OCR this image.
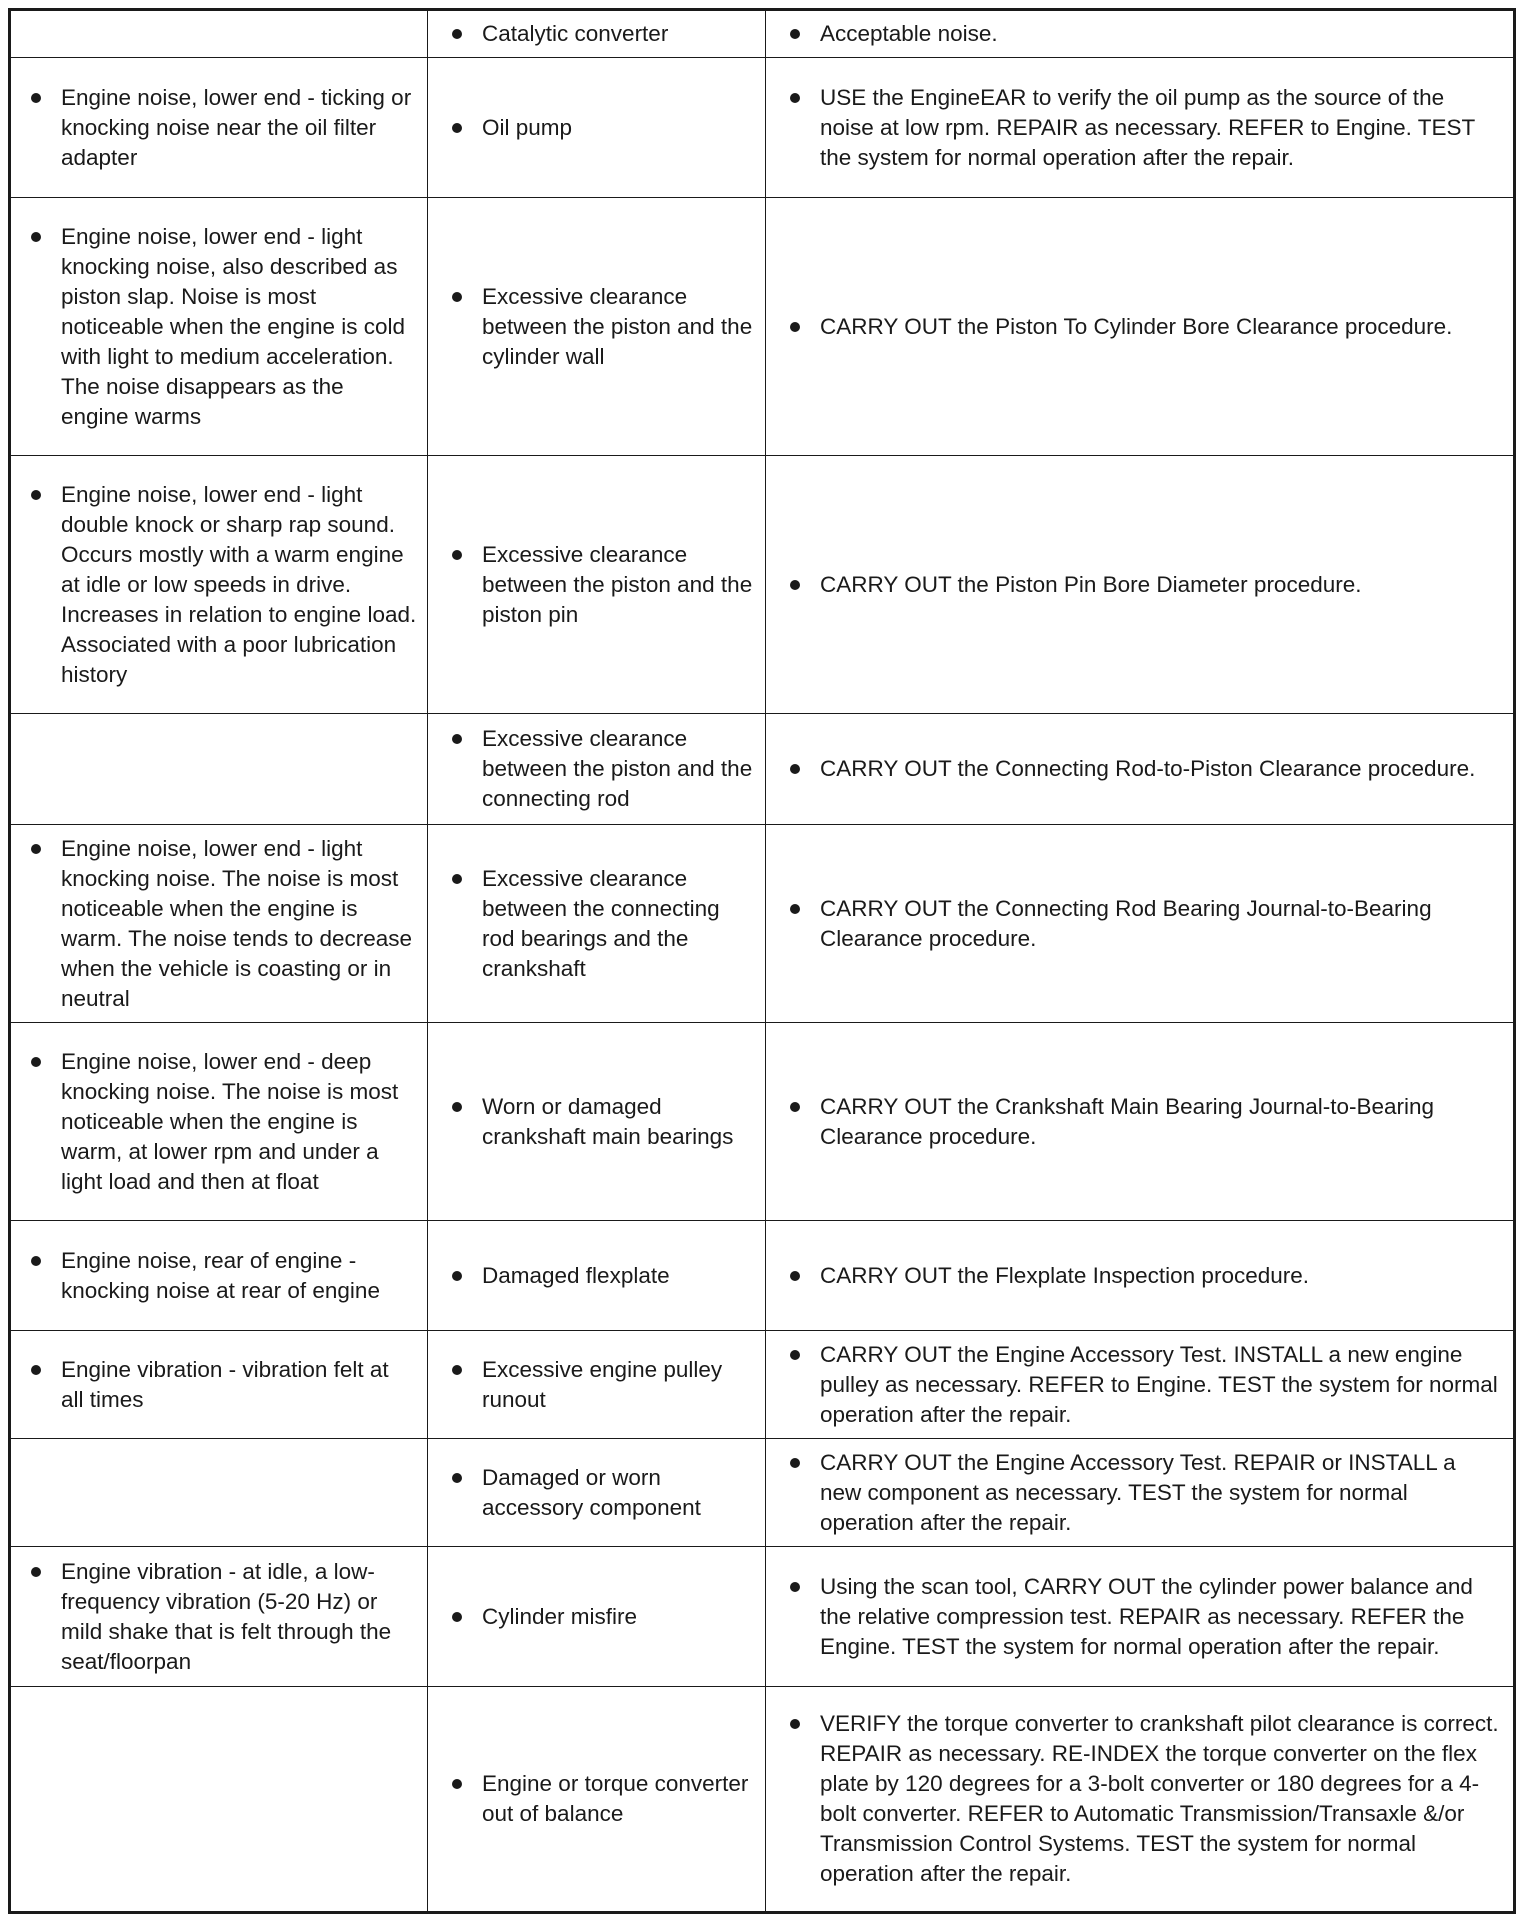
	Catalytic converter	Acceptable noise.

Engine noise, lower end - ticking or knocking noise near the oil filter adapter	Oil pump	USE the EngineEAR to verify the oil pump as the source of the noise at low rpm. REPAIR as necessary. REFER to Engine. TEST the system for normal operation after the repair.

Engine noise, lower end - light knocking noise, also described as piston slap. Noise is most noticeable when the engine is cold with light to medium acceleration. The noise disappears as the engine warms	Excessive clearance between the piston and the cylinder wall	CARRY OUT the Piston To Cylinder Bore Clearance procedure.

Engine noise, lower end - light double knock or sharp rap sound. Occurs mostly with a warm engine at idle or low speeds in drive. Increases in relation to engine load. Associated with a poor lubrication history	Excessive clearance between the piston and the piston pin	CARRY OUT the Piston Pin Bore Diameter procedure.

	Excessive clearance between the piston and the connecting rod	CARRY OUT the Connecting Rod-to-Piston Clearance procedure.

Engine noise, lower end - light knocking noise. The noise is most noticeable when the engine is warm. The noise tends to decrease when the vehicle is coasting or in neutral	Excessive clearance between the connecting rod bearings and the crankshaft	CARRY OUT the Connecting Rod Bearing Journal-to-Bearing Clearance procedure.

Engine noise, lower end - deep knocking noise. The noise is most noticeable when the engine is warm, at lower rpm and under a light load and then at float	Worn or damaged crankshaft main bearings	CARRY OUT the Crankshaft Main Bearing Journal-to-Bearing Clearance procedure.

Engine noise, rear of engine - knocking noise at rear of engine	Damaged flexplate	CARRY OUT the Flexplate Inspection procedure.

Engine vibration - vibration felt at all times	Excessive engine pulley runout	CARRY OUT the Engine Accessory Test. INSTALL a new engine pulley as necessary. REFER to Engine. TEST the system for normal operation after the repair.

	Damaged or worn accessory component	CARRY OUT the Engine Accessory Test. REPAIR or INSTALL a new component as necessary. TEST the system for normal operation after the repair.

Engine vibration - at idle, a low-frequency vibration (5-20 Hz) or mild shake that is felt through the seat/floorpan	Cylinder misfire	Using the scan tool, CARRY OUT the cylinder power balance and the relative compression test. REPAIR as necessary. REFER the Engine. TEST the system for normal operation after the repair.

	Engine or torque converter out of balance	VERIFY the torque converter to crankshaft pilot clearance is correct. REPAIR as necessary. RE-INDEX the torque converter on the flex plate by 120 degrees for a 3-bolt converter or 180 degrees for a 4-bolt converter. REFER to Automatic Transmission/Transaxle &/or Transmission Control Systems. TEST the system for normal operation after the repair.
